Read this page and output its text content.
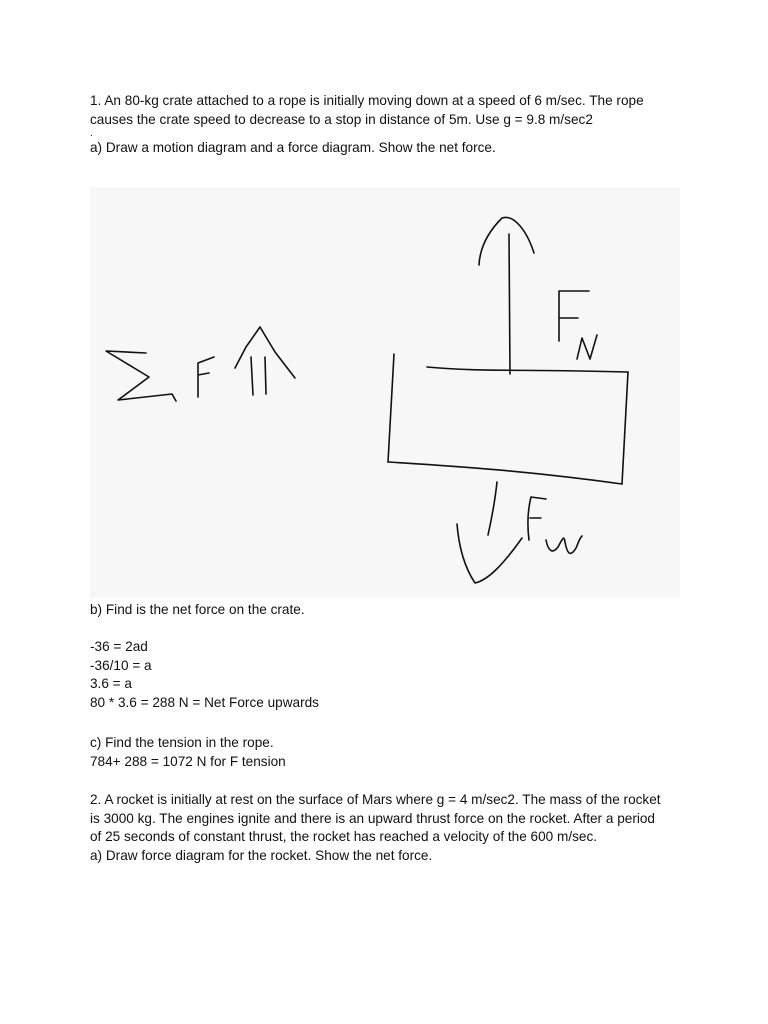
1. An 80-kg crate attached to a rope is initially moving down at a speed of 6 m/sec. The rope
causes the crate speed to decrease to a stop in distance of 5m. Use g = 9.8 m/sec2
.
a) Draw a motion diagram and a force diagram. Show the net force.
b) Find is the net force on the crate.
-36 = 2ad
-36/10 = a
3.6 = a
80 * 3.6 = 288 N = Net Force upwards
c) Find the tension in the rope.
784+ 288 = 1072 N for F tension
2. A rocket is initially at rest on the surface of Mars where g = 4 m/sec2. The mass of the rocket
is 3000 kg. The engines ignite and there is an upward thrust force on the rocket. After a period
of 25 seconds of constant thrust, the rocket has reached a velocity of the 600 m/sec.
a) Draw force diagram for the rocket. Show the net force.
